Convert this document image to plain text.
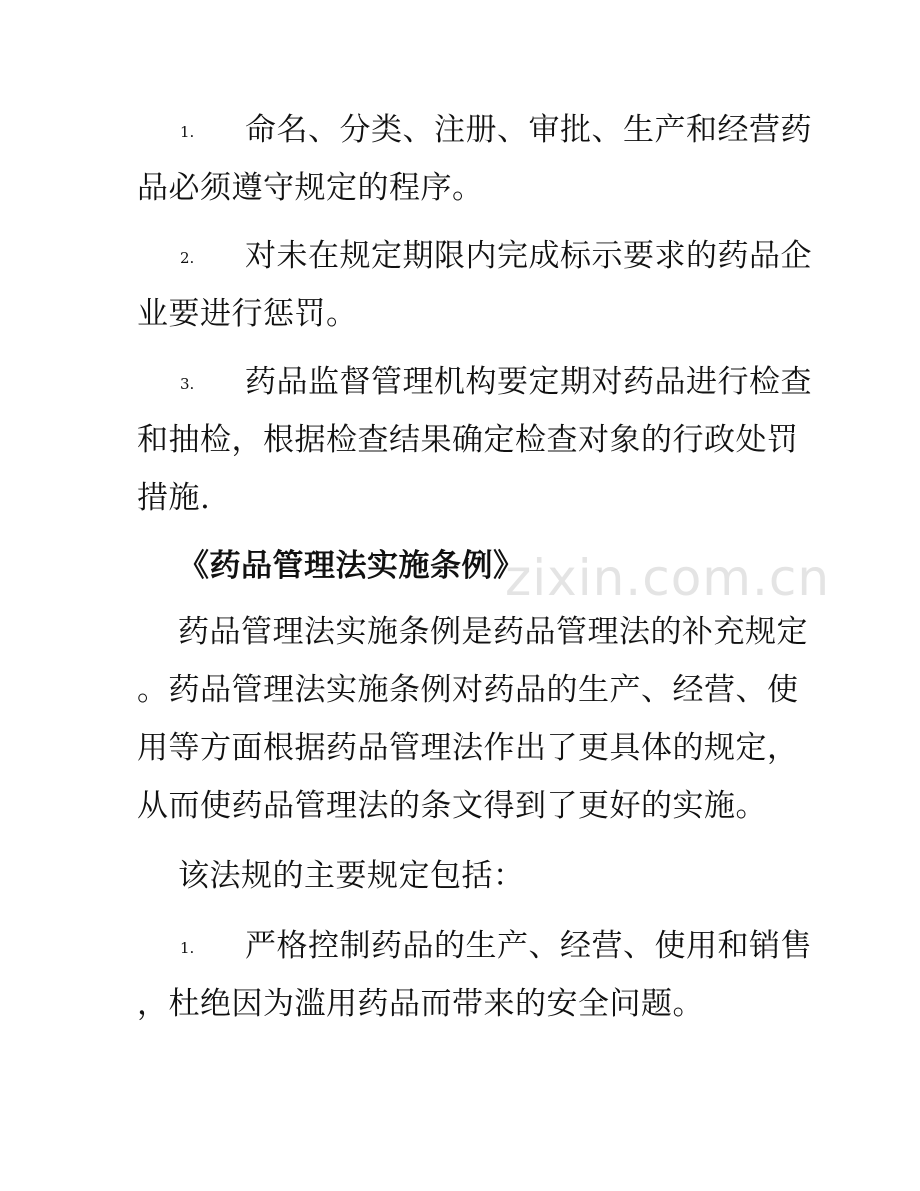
zixin.com.cn
1. 命名、分类、注册、审批、生产和经营药
品必须遵守规定的程序。
2. 对未在规定期限内完成标示要求的药品企
业要进行惩罚。
3. 药品监督管理机构要定期对药品进行检查
和抽检，根据检查结果确定检查对象的行政处罚
措施.
《药品管理法实施条例》
药品管理法实施条例是药品管理法的补充规定
。药品管理法实施条例对药品的生产、经营、使
用等方面根据药品管理法作出了更具体的规定，
从而使药品管理法的条文得到了更好的实施。
该法规的主要规定包括：
1. 严格控制药品的生产、经营、使用和销售
，杜绝因为滥用药品而带来的安全问题。
